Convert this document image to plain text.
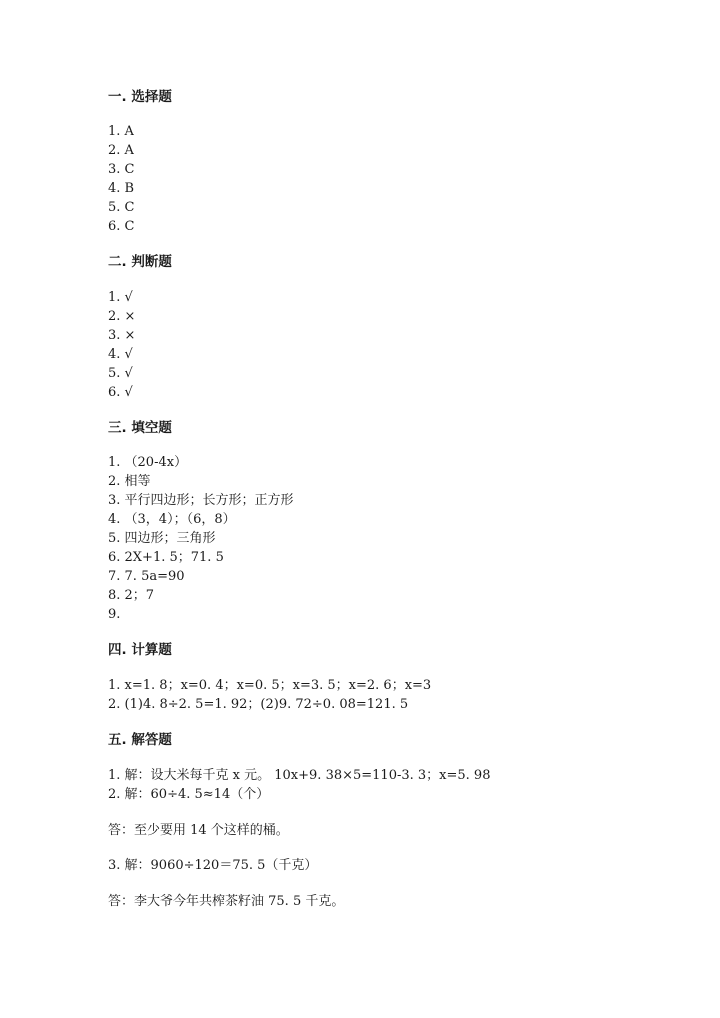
一. 选择题
1. A
2. A
3. C
4. B
5. C
6. C
二. 判断题
1. √
2. ×
3. ×
4. √
5. √
6. √
三. 填空题
1. （20-4x）
2. 相等
3. 平行四边形；长方形；正方形
4. （3，4）；（6，8）
5. 四边形；三角形
6. 2X+1. 5；71. 5
7. 7. 5a=90
8. 2；7
9.
四. 计算题
1. x=1. 8；x=0. 4；x=0. 5；x=3. 5；x=2. 6；x=3
2. (1)4. 8÷2. 5=1. 92；(2)9. 72÷0. 08=121. 5
五. 解答题
1. 解：设大米每千克 x 元。 10x+9. 38×5=110-3. 3；x=5. 98
2. 解：60÷4. 5≈14（个）
答：至少要用 14 个这样的桶。
3. 解：9060÷120＝75. 5（千克）
答：李大爷今年共榨茶籽油 75. 5 千克。
